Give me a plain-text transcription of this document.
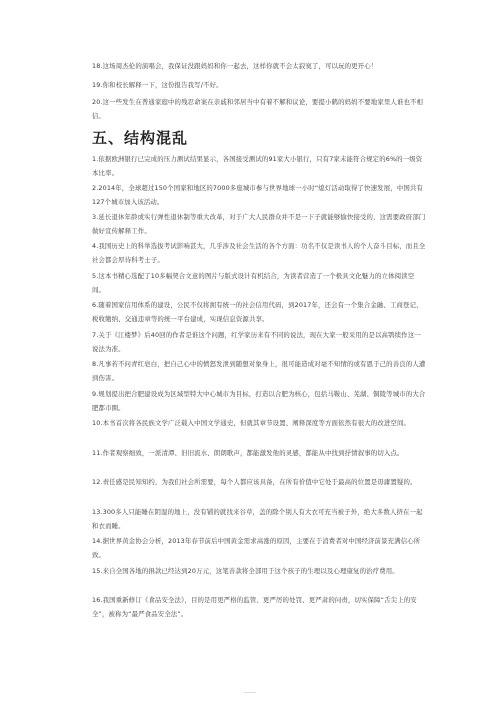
18.这场周杰伦的演唱会，我保证没跟妈妈和你一起去，这样你就不会太寂寞了，可以玩的更开心！
19.你和校长解释一下，这份报告我写/不好。
20.这一些发生在普通家庭中的残忍命案在亲戚和邻居当中有着不解和议论，要提小鹤的妈妈不要地家里人谁也不相信。
五、结构混乱
1.依据欧洲银行已完成的压力测试结果显示，各国接受测试的91家大小银行，只有7家未能符合规定的6%的一级资本比率。
2.2014年，全球超过150个国家和地区的7000多座城市参与世界地球一小时“熄灯活动取得了快速发展，中国共有127个城市加入该活动。
3.延长退休年龄或实行弹性退休制等重大改革，对于广大人民群众并不是一下子就能够愉快接受的，这需要政府部门做好宣传解释工作。
4.我国历史上的科举选拔考试影响甚大，几乎涉及社会生活的各个方面：功名不仅是读书人的个人奋斗目标，而且全社会都会厚待科考士子。
5.这本书精心选配了10多幅契合文意的图片与版式设计有机结合，为读者营造了一个极具文化魅力的立体阅读空间。
6.随着国家信用体系的建设，公民不仅将拥有统一的社会信用代码，到2017年，还会有一个集合金融、工商登记、税收缴纳、交通违章等的统一平台建成，实现信息资源共享。
7.关于《江楼梦》后40回的作者是谁这个问题，红学家历来有不同的说法，现在大家一般采用的是以高鹗续作这一说法为准。
8.凡事若不问青红皂白，把自己心中的愤怒发泄到随想对象身上，很可能造成对毫不知情的或有恩于己的善良的人遭到伤害。
9.规划提出把合肥建设成为区域型特大中心城市为目标，打造以合肥为核心，包括马鞍山、芜湖、铜陵等城市的大合肥都市圈。
10.本书首次将各民族文学广泛载入中国文学通史，但就其章节设置、阐释深度等方面依然有很大的改进空间。
11.作者观察细致，一派清潭、旧旧流水、朗朗歌声，都能激发他的灵感，都能从中找到抒情叙事的切入点。
12.责任感是民知知约，为我们社会所需要，每个人都应该具备，在所有价值中它处于最高的位置是毋庸置疑的。
13.300多人只能睡在阴湿的地上，没有铺的就找来谷草，盖的除个别人有大衣可充当被子外，绝大多数人挤在一起和衣而睡。
14.据世界黄金协会分析，2013年春节前后中国黄金需求高涨的原因，主要在于消费者对中国经济前景充满信心所致。
15.来自全国各地的捐款已经达到20万元，这笔善款将全部用于这个孩子的生理以及心理康复的治疗费用。
16.我国重新修订《食品安全法》，目的是用更严格的监管、更严厉的处罚、更严肃的问责，切实保障“舌尖上的安全”，被称为“最严食品安全法”。
